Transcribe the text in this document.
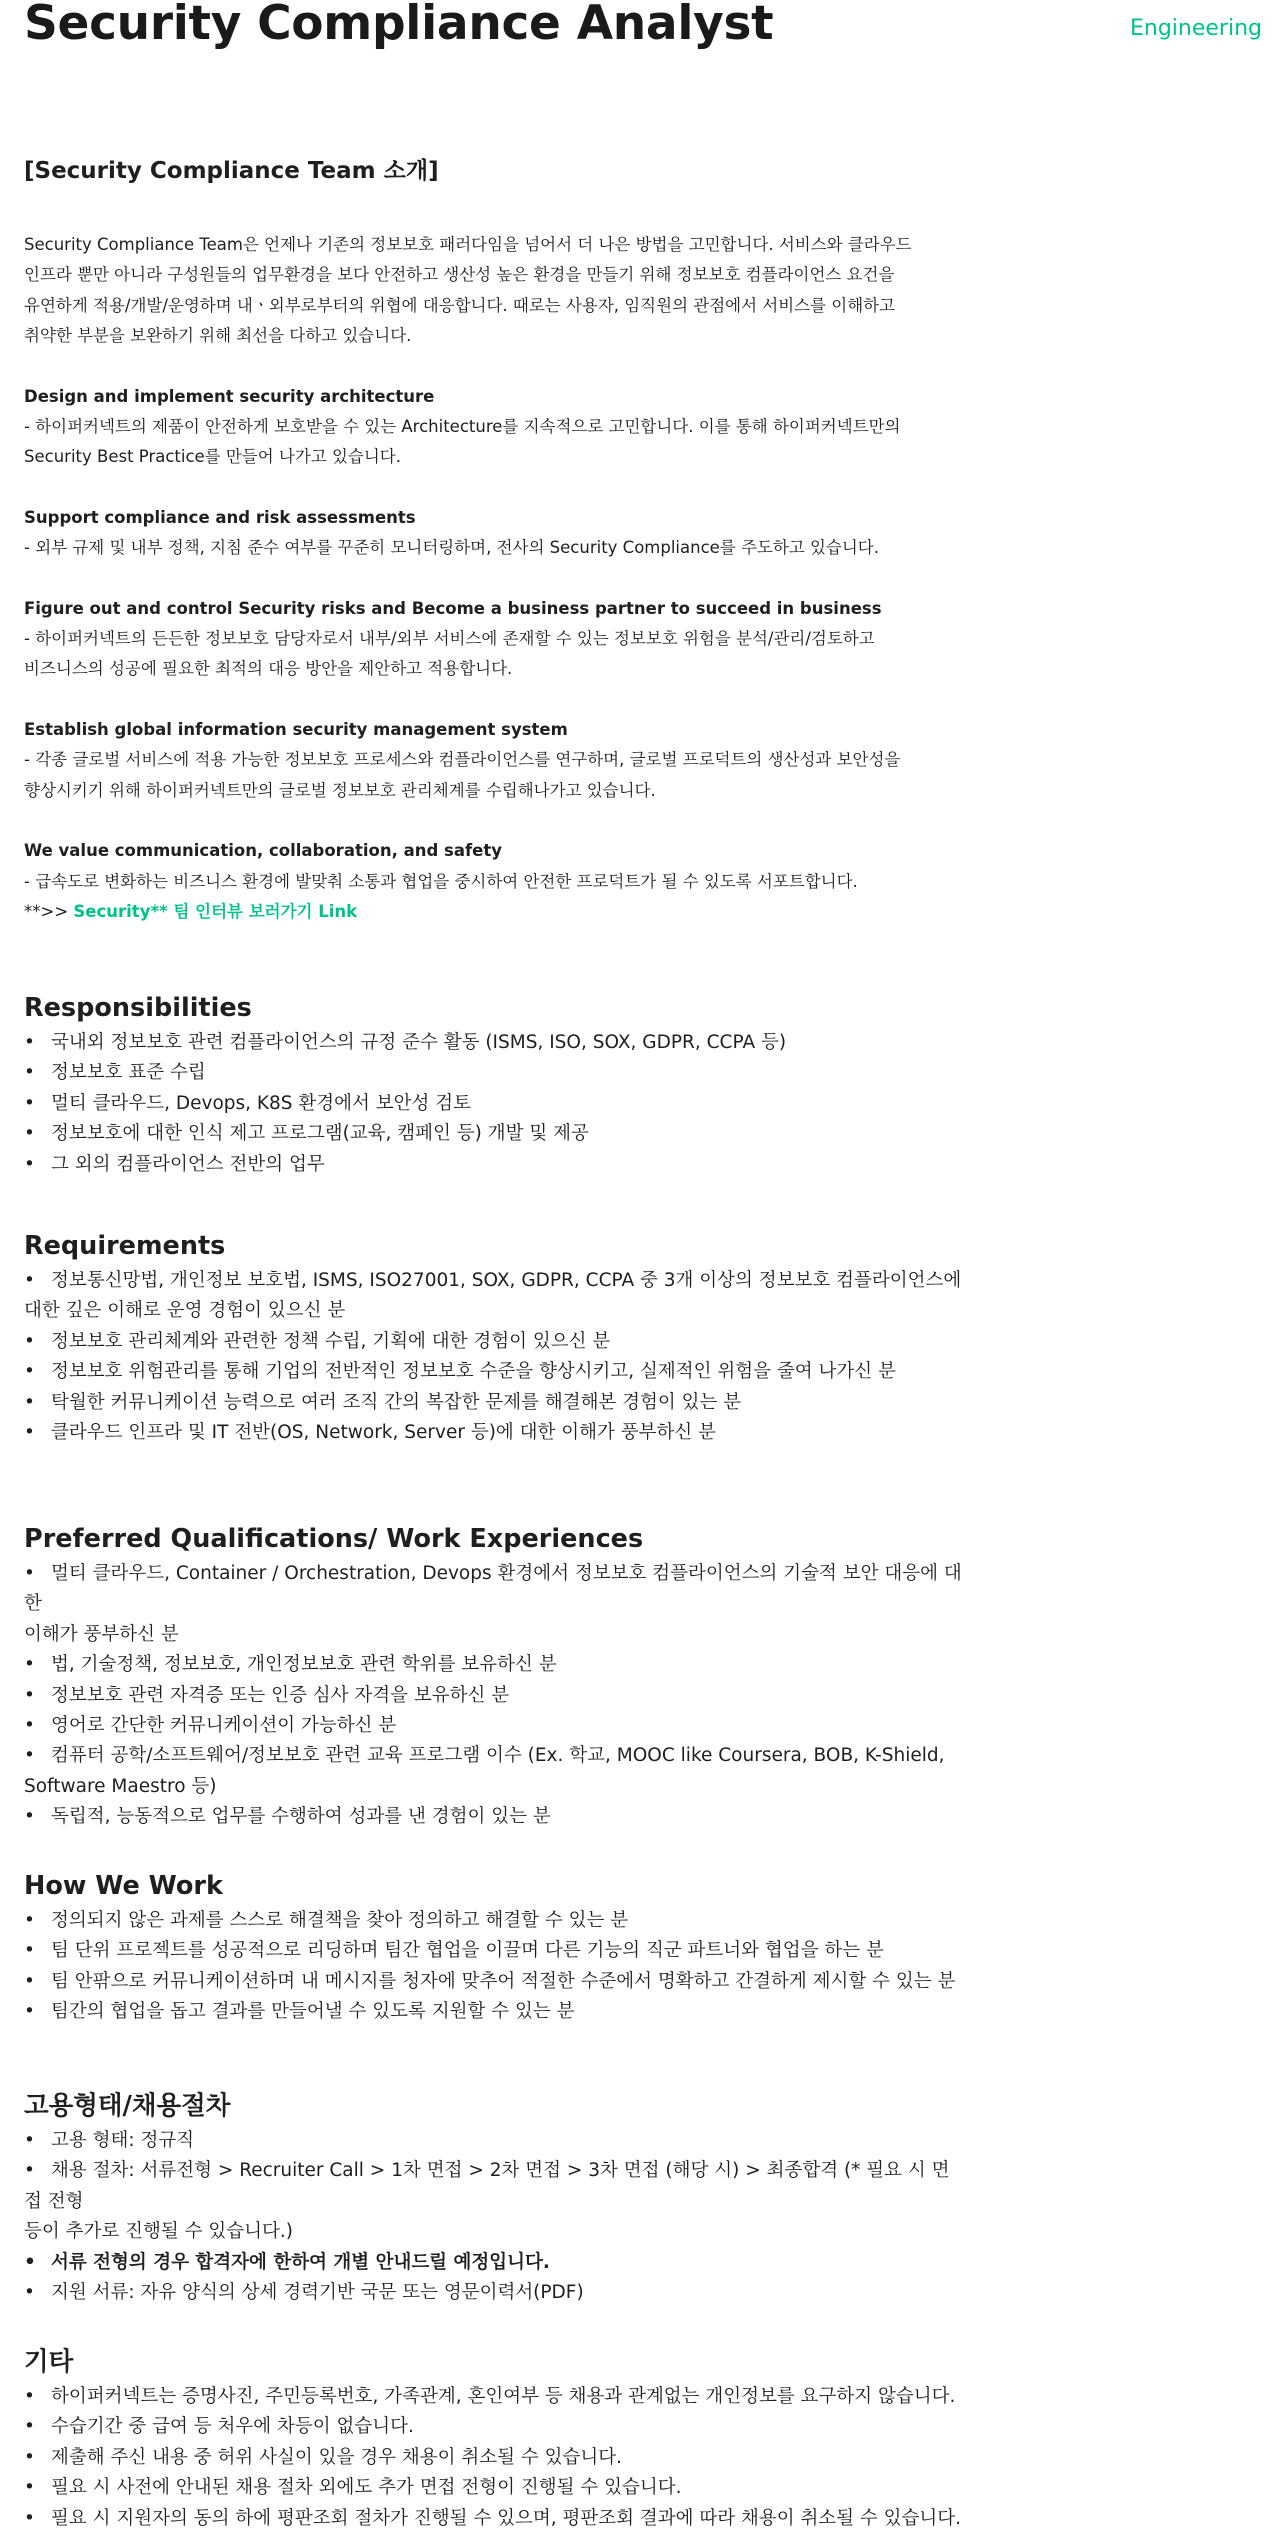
Security Compliance Analyst	Engineering
[Security Compliance Team 소개]
Security Compliance Team은 언제나 기존의 정보보호 패러다임을 넘어서 더 나은 방법을 고민합니다. 서비스와 클라우드
인프라 뿐만 아니라 구성원들의 업무환경을 보다 안전하고 생산성 높은 환경을 만들기 위해 정보보호 컴플라이언스 요건을
유연하게 적용/개발/운영하며 내ㆍ외부로부터의 위협에 대응합니다. 때로는 사용자, 임직원의 관점에서 서비스를 이해하고
취약한 부분을 보완하기 위해 최선을 다하고 있습니다.
Design and implement security architecture
- 하이퍼커넥트의 제품이 안전하게 보호받을 수 있는 Architecture를 지속적으로 고민합니다. 이를 통해 하이퍼커넥트만의
Security Best Practice를 만들어 나가고 있습니다.
Support compliance and risk assessments
- 외부 규제 및 내부 정책, 지침 준수 여부를 꾸준히 모니터링하며, 전사의 Security Compliance를 주도하고 있습니다.
Figure out and control Security risks and Become a business partner to succeed in business
- 하이퍼커넥트의 든든한 정보보호 담당자로서 내부/외부 서비스에 존재할 수 있는 정보보호 위험을 분석/관리/검토하고
비즈니스의 성공에 필요한 최적의 대응 방안을 제안하고 적용합니다.
Establish global information security management system
- 각종 글로벌 서비스에 적용 가능한 정보보호 프로세스와 컴플라이언스를 연구하며, 글로벌 프로덕트의 생산성과 보안성을
향상시키기 위해 하이퍼커넥트만의 글로벌 정보보호 관리체계를 수립해나가고 있습니다.
We value communication, collaboration, and safety
- 급속도로 변화하는 비즈니스 환경에 발맞춰 소통과 협업을 중시하여 안전한 프로덕트가 될 수 있도록 서포트합니다.
**>> Security** 팀 인터뷰 보러가기 Link
Responsibilities
• 국내외 정보보호 관련 컴플라이언스의 규정 준수 활동 (ISMS, ISO, SOX, GDPR, CCPA 등)
• 정보보호 표준 수립
• 멀티 클라우드, Devops, K8S 환경에서 보안성 검토
• 정보보호에 대한 인식 제고 프로그램(교육, 캠페인 등) 개발 및 제공
• 그 외의 컴플라이언스 전반의 업무
Requirements
• 정보통신망법, 개인정보 보호법, ISMS, ISO27001, SOX, GDPR, CCPA 중 3개 이상의 정보보호 컴플라이언스에
대한 깊은 이해로 운영 경험이 있으신 분
• 정보보호 관리체계와 관련한 정책 수립, 기획에 대한 경험이 있으신 분
• 정보보호 위험관리를 통해 기업의 전반적인 정보보호 수준을 향상시키고, 실제적인 위험을 줄여 나가신 분
• 탁월한 커뮤니케이션 능력으로 여러 조직 간의 복잡한 문제를 해결해본 경험이 있는 분
• 클라우드 인프라 및 IT 전반(OS, Network, Server 등)에 대한 이해가 풍부하신 분
Preferred Qualifications/ Work Experiences
• 멀티 클라우드, Container / Orchestration, Devops 환경에서 정보보호 컴플라이언스의 기술적 보안 대응에 대한
이해가 풍부하신 분
• 법, 기술정책, 정보보호, 개인정보보호 관련 학위를 보유하신 분
• 정보보호 관련 자격증 또는 인증 심사 자격을 보유하신 분
• 영어로 간단한 커뮤니케이션이 가능하신 분
• 컴퓨터 공학/소프트웨어/정보보호 관련 교육 프로그램 이수 (Ex. 학교, MOOC like Coursera, BOB, K-Shield,
Software Maestro 등)
• 독립적, 능동적으로 업무를 수행하여 성과를 낸 경험이 있는 분
How We Work
• 정의되지 않은 과제를 스스로 해결책을 찾아 정의하고 해결할 수 있는 분
• 팀 단위 프로젝트를 성공적으로 리딩하며 팀간 협업을 이끌며 다른 기능의 직군 파트너와 협업을 하는 분
• 팀 안팎으로 커뮤니케이션하며 내 메시지를 청자에 맞추어 적절한 수준에서 명확하고 간결하게 제시할 수 있는 분
• 팀간의 협업을 돕고 결과를 만들어낼 수 있도록 지원할 수 있는 분
고용형태/채용절차
• 고용 형태: 정규직
• 채용 절차: 서류전형 > Recruiter Call > 1차 면접 > 2차 면접 > 3차 면접 (해당 시) > 최종합격 (* 필요 시 면접 전형
등이 추가로 진행될 수 있습니다.)
• 서류 전형의 경우 합격자에 한하여 개별 안내드릴 예정입니다.
• 지원 서류: 자유 양식의 상세 경력기반 국문 또는 영문이력서(PDF)
기타
• 하이퍼커넥트는 증명사진, 주민등록번호, 가족관계, 혼인여부 등 채용과 관계없는 개인정보를 요구하지 않습니다.
• 수습기간 중 급여 등 처우에 차등이 없습니다.
• 제출해 주신 내용 중 허위 사실이 있을 경우 채용이 취소될 수 있습니다.
• 필요 시 사전에 안내된 채용 절차 외에도 추가 면접 전형이 진행될 수 있습니다.
• 필요 시 지원자의 동의 하에 평판조회 절차가 진행될 수 있으며, 평판조회 결과에 따라 채용이 취소될 수 있습니다.
